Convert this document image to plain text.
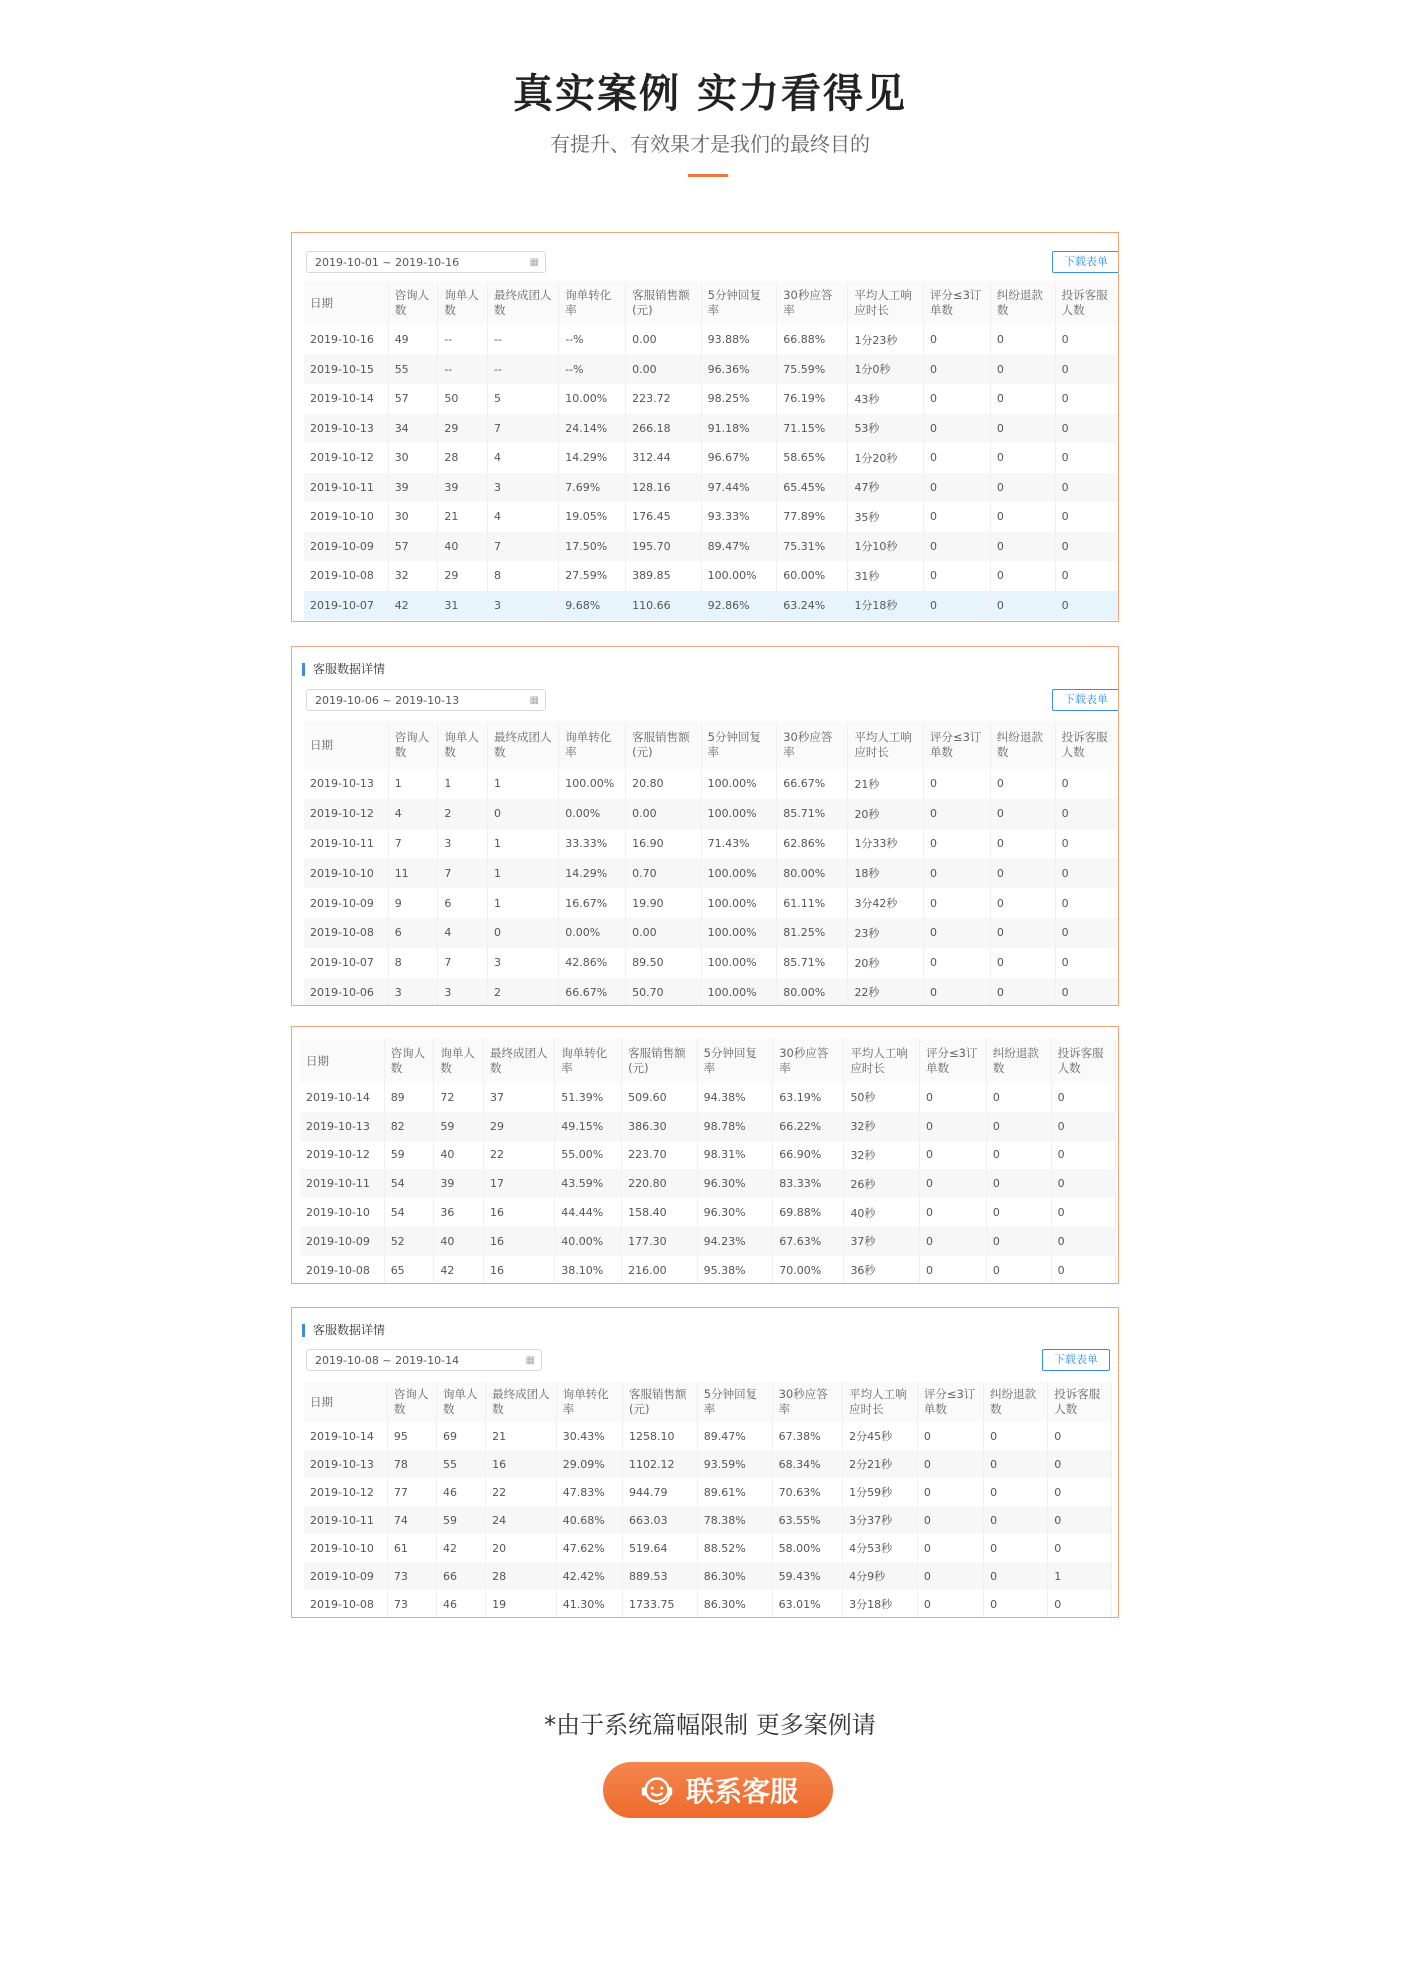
真实案例 实力看得见
有提升、有效果才是我们的最终目的
2019-10-01 ~ 2019-10-16	▦	下载表单
日期	咨询人数	询单人数	最终成团人数	询单转化率	客服销售额(元)	5分钟回复率	30秒应答率	平均人工响应时长	评分≤3订单数	纠纷退款数	投诉客服人数
2019-10-16	49	--	--	--%	0.00	93.88%	66.88%	1分23秒	0	0	0
2019-10-15	55	--	--	--%	0.00	96.36%	75.59%	1分0秒	0	0	0
2019-10-14	57	50	5	10.00%	223.72	98.25%	76.19%	43秒	0	0	0
2019-10-13	34	29	7	24.14%	266.18	91.18%	71.15%	53秒	0	0	0
2019-10-12	30	28	4	14.29%	312.44	96.67%	58.65%	1分20秒	0	0	0
2019-10-11	39	39	3	7.69%	128.16	97.44%	65.45%	47秒	0	0	0
2019-10-10	30	21	4	19.05%	176.45	93.33%	77.89%	35秒	0	0	0
2019-10-09	57	40	7	17.50%	195.70	89.47%	75.31%	1分10秒	0	0	0
2019-10-08	32	29	8	27.59%	389.85	100.00%	60.00%	31秒	0	0	0
2019-10-07	42	31	3	9.68%	110.66	92.86%	63.24%	1分18秒	0	0	0
客服数据详情
2019-10-06 ~ 2019-10-13	▦	下载表单
日期	咨询人数	询单人数	最终成团人数	询单转化率	客服销售额(元)	5分钟回复率	30秒应答率	平均人工响应时长	评分≤3订单数	纠纷退款数	投诉客服人数
2019-10-13	1	1	1	100.00%	20.80	100.00%	66.67%	21秒	0	0	0
2019-10-12	4	2	0	0.00%	0.00	100.00%	85.71%	20秒	0	0	0
2019-10-11	7	3	1	33.33%	16.90	71.43%	62.86%	1分33秒	0	0	0
2019-10-10	11	7	1	14.29%	0.70	100.00%	80.00%	18秒	0	0	0
2019-10-09	9	6	1	16.67%	19.90	100.00%	61.11%	3分42秒	0	0	0
2019-10-08	6	4	0	0.00%	0.00	100.00%	81.25%	23秒	0	0	0
2019-10-07	8	7	3	42.86%	89.50	100.00%	85.71%	20秒	0	0	0
2019-10-06	3	3	2	66.67%	50.70	100.00%	80.00%	22秒	0	0	0
日期	咨询人数	询单人数	最终成团人数	询单转化率	客服销售额(元)	5分钟回复率	30秒应答率	平均人工响应时长	评分≤3订单数	纠纷退款数	投诉客服人数
2019-10-14	89	72	37	51.39%	509.60	94.38%	63.19%	50秒	0	0	0
2019-10-13	82	59	29	49.15%	386.30	98.78%	66.22%	32秒	0	0	0
2019-10-12	59	40	22	55.00%	223.70	98.31%	66.90%	32秒	0	0	0
2019-10-11	54	39	17	43.59%	220.80	96.30%	83.33%	26秒	0	0	0
2019-10-10	54	36	16	44.44%	158.40	96.30%	69.88%	40秒	0	0	0
2019-10-09	52	40	16	40.00%	177.30	94.23%	67.63%	37秒	0	0	0
2019-10-08	65	42	16	38.10%	216.00	95.38%	70.00%	36秒	0	0	0
客服数据详情
2019-10-08 ~ 2019-10-14	▦	下载表单
日期	咨询人数	询单人数	最终成团人数	询单转化率	客服销售额(元)	5分钟回复率	30秒应答率	平均人工响应时长	评分≤3订单数	纠纷退款数	投诉客服人数
2019-10-14	95	69	21	30.43%	1258.10	89.47%	67.38%	2分45秒	0	0	0
2019-10-13	78	55	16	29.09%	1102.12	93.59%	68.34%	2分21秒	0	0	0
2019-10-12	77	46	22	47.83%	944.79	89.61%	70.63%	1分59秒	0	0	0
2019-10-11	74	59	24	40.68%	663.03	78.38%	63.55%	3分37秒	0	0	0
2019-10-10	61	42	20	47.62%	519.64	88.52%	58.00%	4分53秒	0	0	0
2019-10-09	73	66	28	42.42%	889.53	86.30%	59.43%	4分9秒	0	0	1
2019-10-08	73	46	19	41.30%	1733.75	86.30%	63.01%	3分18秒	0	0	0
*由于系统篇幅限制 更多案例请
联系客服
